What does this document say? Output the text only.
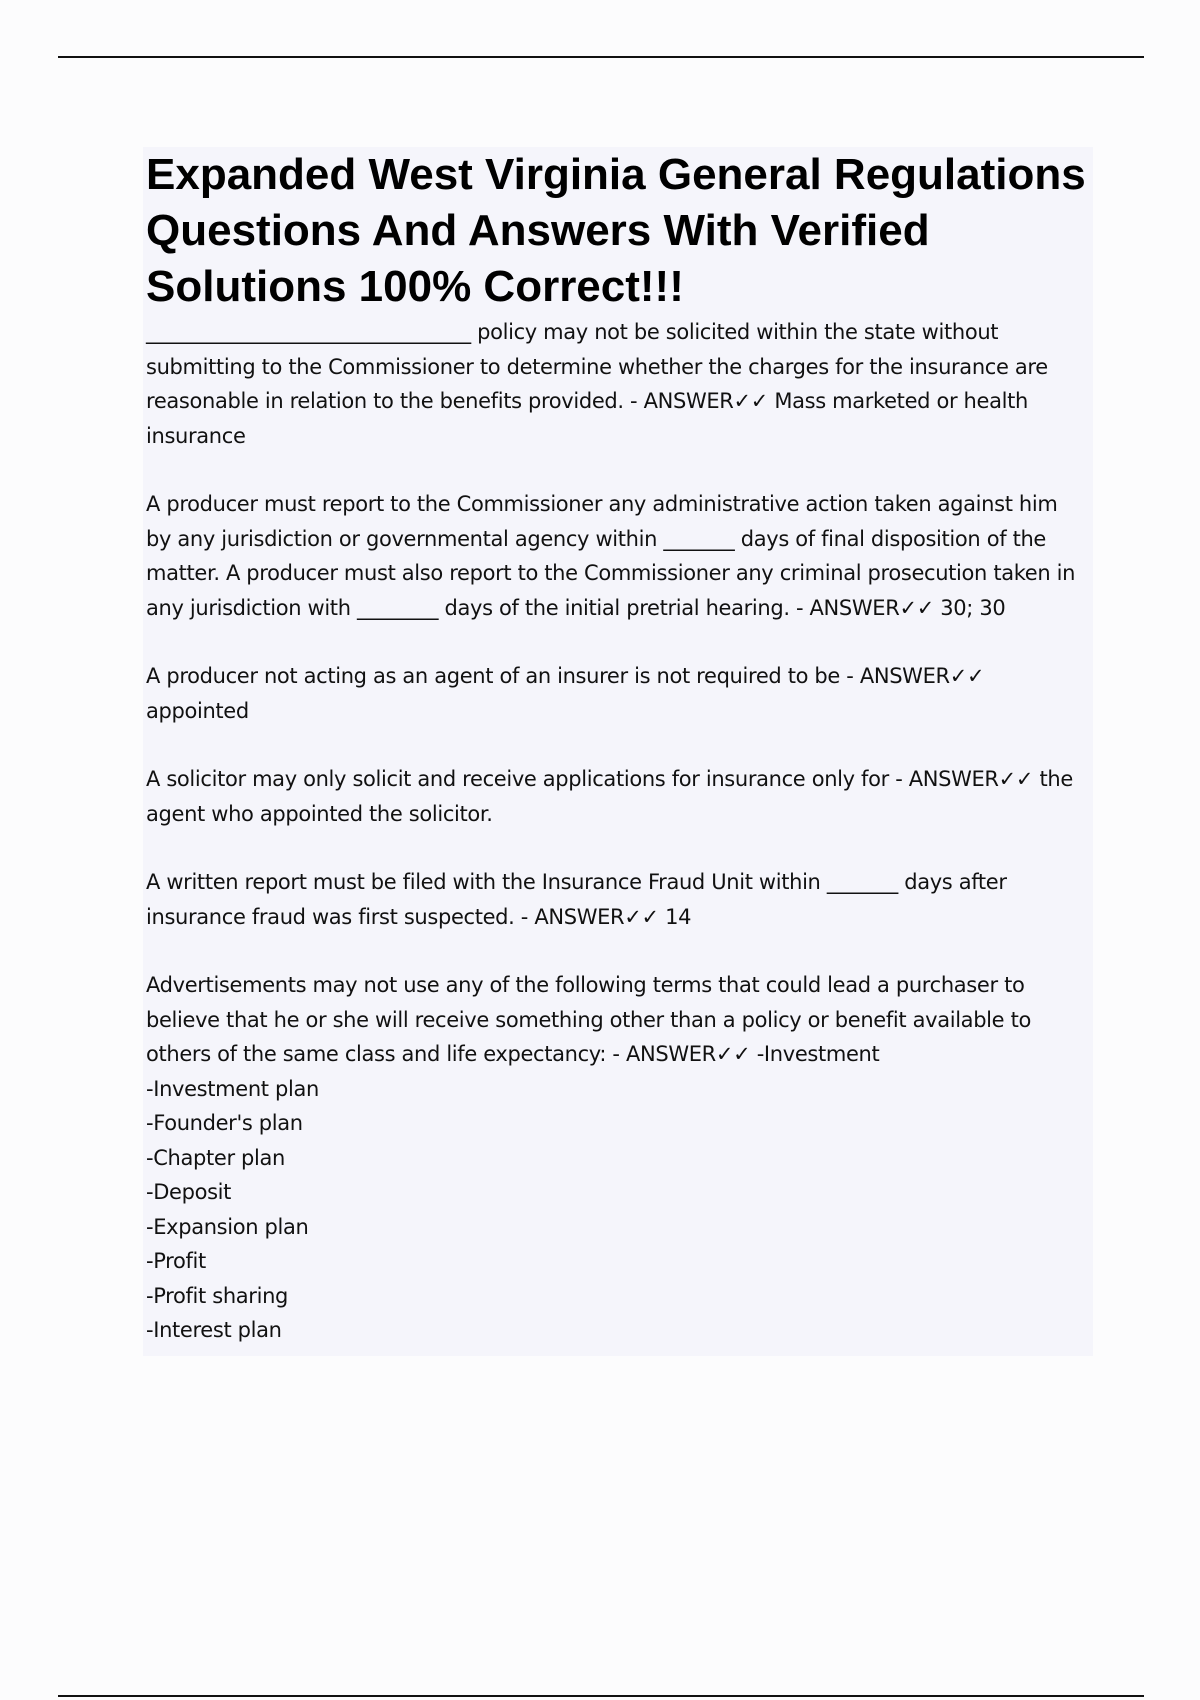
Expanded West Virginia General Regulations Questions And Answers With Verified Solutions 100% Correct!!!

________________________________ policy may not be solicited within the state without submitting to the Commissioner to determine whether the charges for the insurance are reasonable in relation to the benefits provided. - ANSWER✓✓ Mass marketed or health insurance

A producer must report to the Commissioner any administrative action taken against him by any jurisdiction or governmental agency within _______ days of final disposition of the matter. A producer must also report to the Commissioner any criminal prosecution taken in any jurisdiction with ________ days of the initial pretrial hearing. - ANSWER✓✓ 30; 30

A producer not acting as an agent of an insurer is not required to be - ANSWER✓✓ appointed

A solicitor may only solicit and receive applications for insurance only for - ANSWER✓✓ the agent who appointed the solicitor.

A written report must be filed with the Insurance Fraud Unit within _______ days after insurance fraud was first suspected. - ANSWER✓✓ 14

Advertisements may not use any of the following terms that could lead a purchaser to believe that he or she will receive something other than a policy or benefit available to others of the same class and life expectancy: - ANSWER✓✓ -Investment

-Investment plan

-Founder's plan

-Chapter plan

-Deposit

-Expansion plan

-Profit

-Profit sharing

-Interest plan
